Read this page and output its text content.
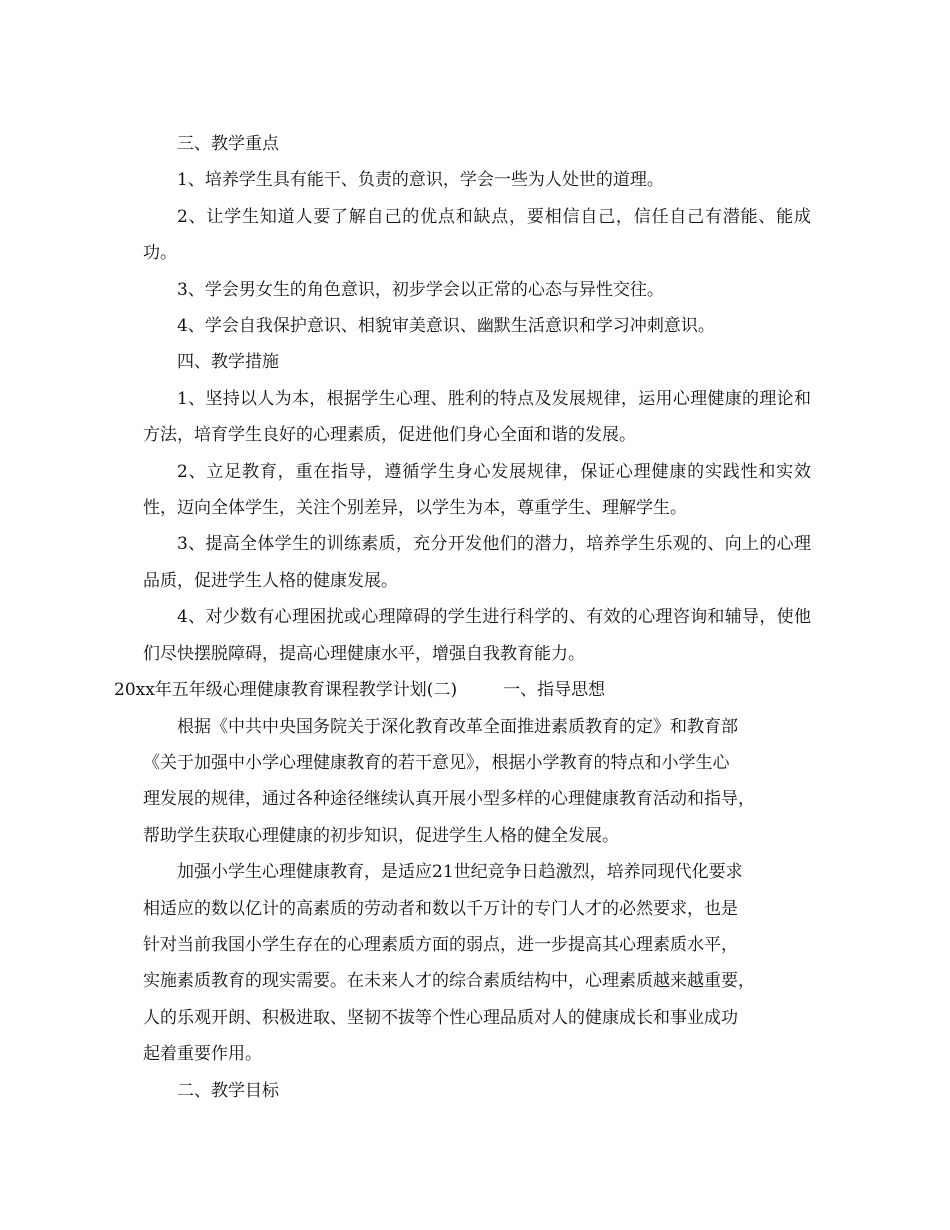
三、教学重点

1、培养学生具有能干、负责的意识，学会一些为人处世的道理。

2、让学生知道人要了解自己的优点和缺点，要相信自己，信任自己有潜能、能成功。

3、学会男女生的角色意识，初步学会以正常的心态与异性交往。

4、学会自我保护意识、相貌审美意识、幽默生活意识和学习冲刺意识。

四、教学措施

1、坚持以人为本，根据学生心理、胜利的特点及发展规律，运用心理健康的理论和方法，培育学生良好的心理素质，促进他们身心全面和谐的发展。

2、立足教育，重在指导，遵循学生身心发展规律，保证心理健康的实践性和实效性，迈向全体学生，关注个别差异，以学生为本，尊重学生、理解学生。

3、提高全体学生的训练素质，充分开发他们的潜力，培养学生乐观的、向上的心理品质，促进学生人格的健康发展。

4、对少数有心理困扰或心理障碍的学生进行科学的、有效的心理咨询和辅导，使他们尽快摆脱障碍，提高心理健康水平，增强自我教育能力。

20xx年五年级心理健康教育课程教学计划(二)	一、指导思想

根据《中共中央国务院关于深化教育改革全面推进素质教育的定》和教育部

《关于加强中小学心理健康教育的若干意见》，根据小学教育的特点和小学生心

理发展的规律，通过各种途径继续认真开展小型多样的心理健康教育活动和指导，

帮助学生获取心理健康的初步知识，促进学生人格的健全发展。

加强小学生心理健康教育，是适应21世纪竞争日趋激烈，培养同现代化要求

相适应的数以亿计的高素质的劳动者和数以千万计的专门人才的必然要求，也是

针对当前我国小学生存在的心理素质方面的弱点，进一步提高其心理素质水平，

实施素质教育的现实需要。在未来人才的综合素质结构中，心理素质越来越重要，

人的乐观开朗、积极进取、坚韧不拔等个性心理品质对人的健康成长和事业成功

起着重要作用。

二、教学目标
